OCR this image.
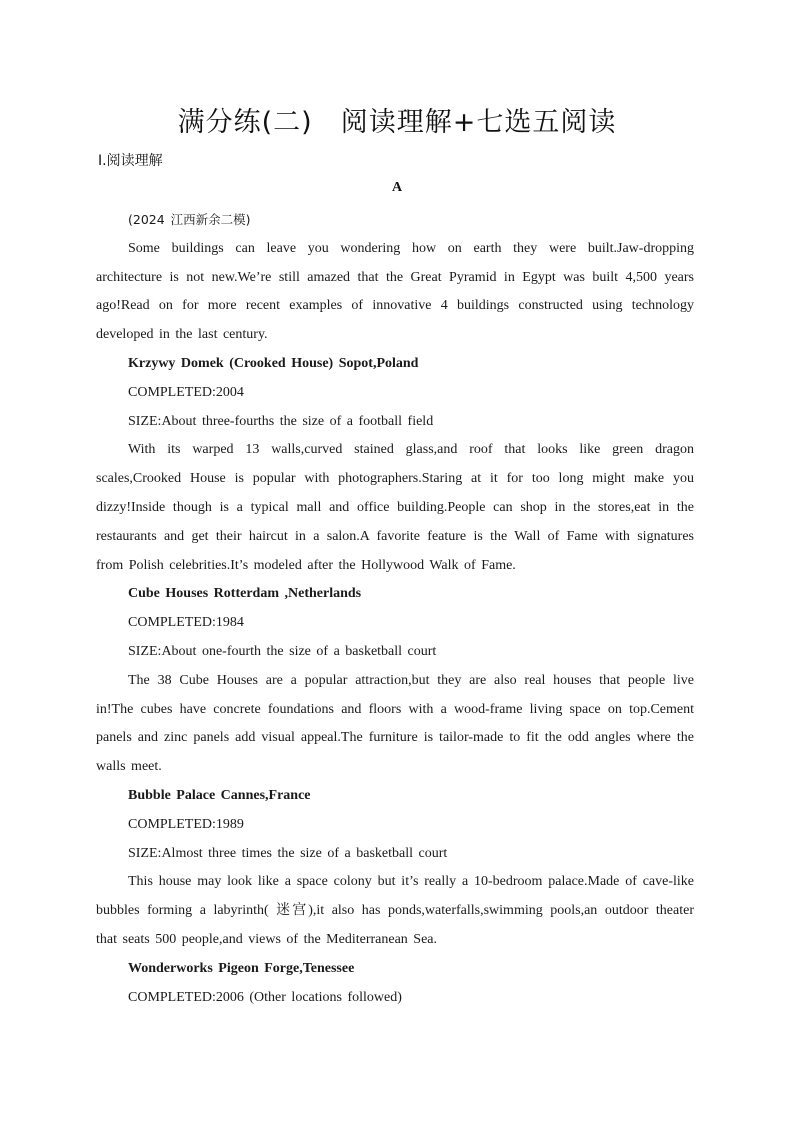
满分练(二)　阅读理解+七选五阅读
Ⅰ.阅读理解
A

(2024 江西新余二模)

Some buildings can leave you wondering how on earth they were built.Jaw-dropping architecture is not new.We’re still amazed that the Great Pyramid in Egypt was built 4,500 years ago!Read on for more recent examples of innovative 4 buildings constructed using technology developed in the last century.

Krzywy Domek (Crooked House) Sopot,Poland

COMPLETED:2004

SIZE:About three-fourths the size of a football field

With its warped 13 walls,curved stained glass,and roof that looks like green dragon scales,Crooked House is popular with photographers.Staring at it for too long might make you dizzy!Inside though is a typical mall and office building.People can shop in the stores,eat in the restaurants and get their haircut in a salon.A favorite feature is the Wall of Fame with signatures from Polish celebrities.It’s modeled after the Hollywood Walk of Fame.

Cube Houses Rotterdam ,Netherlands

COMPLETED:1984

SIZE:About one-fourth the size of a basketball court

The 38 Cube Houses are a popular attraction,but they are also real houses that people live in!The cubes have concrete foundations and floors with a wood-frame living space on top.Cement panels and zinc panels add visual appeal.The furniture is tailor-made to fit the odd angles where the walls meet.

Bubble Palace Cannes,France

COMPLETED:1989

SIZE:Almost three times the size of a basketball court

This house may look like a space colony but it’s really a 10-bedroom palace.Made of cave-like bubbles forming a labyrinth( 迷宫),it also has ponds,waterfalls,swimming pools,an outdoor theater that seats 500 people,and views of the Mediterranean Sea.

Wonderworks Pigeon Forge,Tenessee

COMPLETED:2006 (Other locations followed)
